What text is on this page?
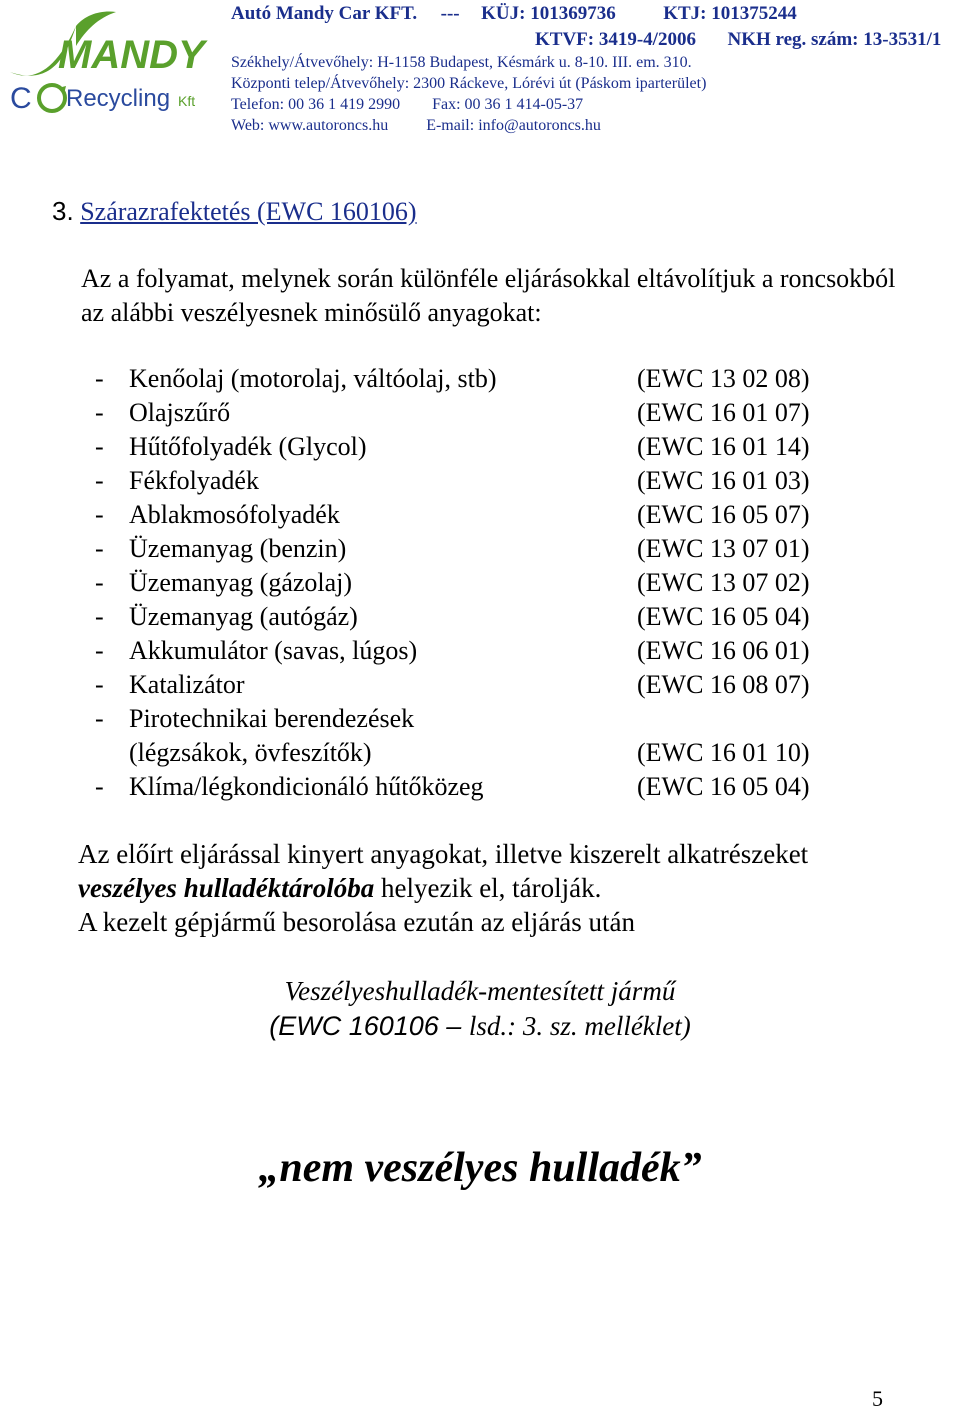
MANDY
C Recycling Kft
Autó Mandy Car KFT. --- KÜJ: 101369736	KTJ: 101375244
KTVF: 3419-4/2006 NKH reg. szám: 13-3531/1
Székhely/Átvevőhely: H-1158 Budapest, Késmárk u. 8-10. III. em. 310.
Központi telep/Átvevőhely: 2300 Ráckeve, Lórévi út (Páskom iparterület)
Telefon: 00 36 1 419 2990 Fax: 00 36 1 414-05-37
Web: www.autoroncs.hu E-mail: info@autoroncs.hu
3. Szárazrafektetés (EWC 160106)
Az a folyamat, melynek során különféle eljárásokkal eltávolítjuk a roncsokból az alábbi veszélyesnek minősülő anyagokat:
- Kenőolaj (motorolaj, váltóolaj, stb)	(EWC 13 02 08)
- Olajszűrő	(EWC 16 01 07)
- Hűtőfolyadék (Glycol)	(EWC 16 01 14)
- Fékfolyadék	(EWC 16 01 03)
- Ablakmosófolyadék	(EWC 16 05 07)
- Üzemanyag (benzin)	(EWC 13 07 01)
- Üzemanyag (gázolaj)	(EWC 13 07 02)
- Üzemanyag (autógáz)	(EWC 16 05 04)
- Akkumulátor (savas, lúgos)	(EWC 16 06 01)
- Katalizátor	(EWC 16 08 07)
- Pirotechnikai berendezések
(légzsákok, övfeszítők)	(EWC 16 01 10)
- Klíma/légkondicionáló hűtőközeg	(EWC 16 05 04)
Az előírt eljárással kinyert anyagokat, illetve kiszerelt alkatrészeket
veszélyes hulladéktárolóba helyezik el, tárolják.
A kezelt gépjármű besorolása ezután az eljárás után
Veszélyeshulladék-mentesített jármű
(EWC 160106 – lsd.: 3. sz. melléklet)
„nem veszélyes hulladék”
5
